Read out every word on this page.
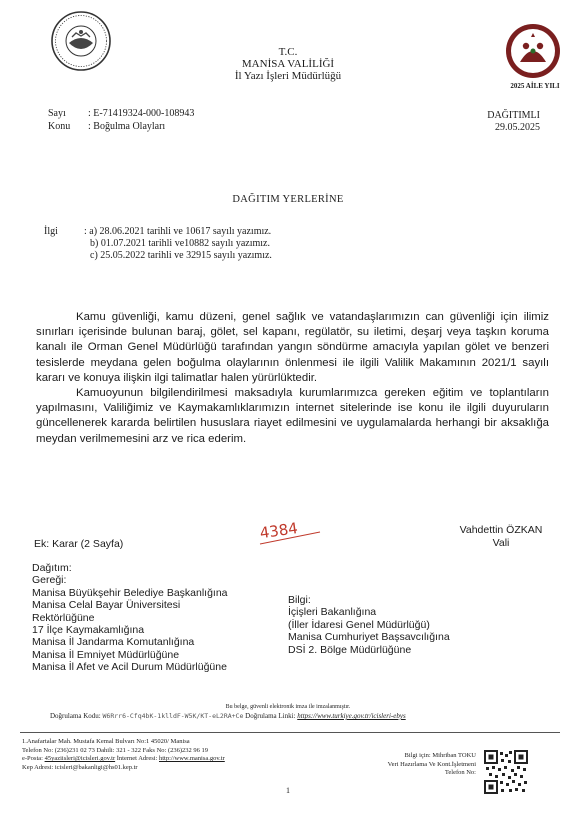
2025 AİLE YILI
T.C.
MANİSA VALİLİĞİ
İl Yazı İşleri Müdürlüğü
Sayı : E-71419324-000-108943
Konu : Boğulma Olayları
DAĞITIMLI
29.05.2025
DAĞITIM YERLERİNE
İlgi	: a) 28.06.2021 tarihli ve 10617 sayılı yazımız.
b) 01.07.2021 tarihli ve10882 sayılı yazımız.
c) 25.05.2022 tarihli ve 32915 sayılı yazımız.

Kamu güvenliği, kamu düzeni, genel sağlık ve vatandaşlarımızın can güvenliği için ilimiz sınırları içerisinde bulunan baraj, gölet, sel kapanı, regülatör, su iletimi, deşarj veya taşkın koruma kanalı ile Orman Genel Müdürlüğü tarafından yangın söndürme amacıyla yapılan gölet ve benzeri tesislerde meydana gelen boğulma olaylarının önlenmesi ile ilgili Valilik Makamının 2021/1 sayılı kararı ve konuya ilişkin ilgi talimatlar halen yürürlüktedir.

Kamuoyunun bilgilendirilmesi maksadıyla kurumlarımızca gereken eğitim ve toplantıların yapılmasını, Valiliğimiz ve Kaymakamlıklarımızın internet sitelerinde ise konu ile ilgili duyuruların güncellenerek kararda belirtilen hususlara riayet edilmesini ve uygulamalarda herhangi bir aksaklığa meydan verilmemesini arz ve rica ederim.

4384	Vahdettin ÖZKAN
Vali
Ek: Karar (2 Sayfa)
Dağıtım:
Gereği:
Manisa Büyükşehir Belediye Başkanlığına
Manisa Celal Bayar Üniversitesi
Rektörlüğüne
17 İlçe Kaymakamlığına
Manisa İl Jandarma Komutanlığına
Manisa İl Emniyet Müdürlüğüne
Manisa İl Afet ve Acil Durum Müdürlüğüne
Bilgi:
İçişleri Bakanlığına
(İller İdaresi Genel Müdürlüğü)
Manisa Cumhuriyet Başsavcılığına
DSİ 2. Bölge Müdürlüğüne
Bu belge, güvenli elektronik imza ile imzalanmıştır.
Doğrulama Kodu: W6Rrr6-Cfq4bK-1klldF-W5K/KT-eL2RA+Ce Doğrulama Linki: https://www.turkiye.gov.tr/icisleri-ebys
1.Anafartalar Mah. Mustafa Kemal Bulvarı No:1 45020/ Manisa
Telefon No: (236)231 02 73 Dahili: 321 - 322 Faks No: (236)232 96 19
e-Posta: 45yaziisleri@icisleri.gov.tr İnternet Adresi: http://www.manisa.gov.tr
Kep Adresi: icisleri@bakanligi@hs01.kep.tr
Bilgi için: Mihriban TOKU
Veri Hazırlama Ve Kont.İşletmeni
Telefon No:
1
